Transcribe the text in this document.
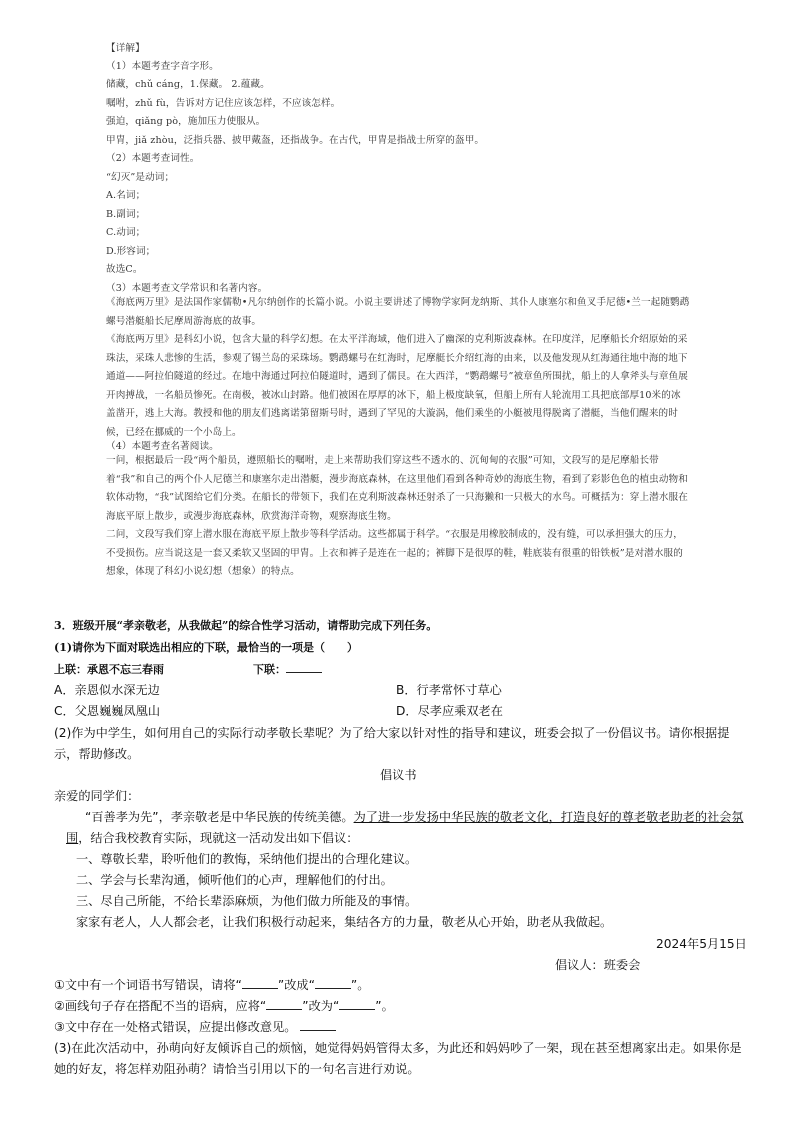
【详解】
（1）本题考查字音字形。
储藏，chǔ cáng，1.保藏。 2.蕴藏。
嘱咐，zhǔ fù，告诉对方记住应该怎样，不应该怎样。
强迫，qiǎng pò，施加压力使服从。
甲胄，jiǎ zhòu，泛指兵器、披甲戴盔，还指战争。在古代，甲胄是指战士所穿的盔甲。
（2）本题考查词性。
“幻灭”是动词；
A.名词；
B.副词；
C.动词；
D.形容词；
故选C。
（3）本题考查文学常识和名著内容。
《海底两万里》是法国作家儒勒•凡尔纳创作的长篇小说。小说主要讲述了博物学家阿龙纳斯、其仆人康塞尔和鱼叉手尼德•兰一起随鹦鹉螺号潜艇船长尼摩周游海底的故事。
《海底两万里》是科幻小说，包含大量的科学幻想。在太平洋海域，他们进入了幽深的克利斯波森林。在印度洋，尼摩船长介绍原始的采珠法，采珠人悲惨的生活，参观了锡兰岛的采珠场。鹦鹉螺号在红海时，尼摩艇长介绍红海的由来，以及他发现从红海通往地中海的地下通道——阿拉伯隧道的经过。在地中海通过阿拉伯隧道时，遇到了儒艮。在大西洋，“鹦鹉螺号”被章鱼所围扰，船上的人拿斧头与章鱼展开肉搏战，一名船员惨死。在南极，被冰山封路。他们被困在厚厚的冰下，船上极度缺氧，但船上所有人轮流用工具把底部厚10米的冰盖凿开，逃上大海。教授和他的朋友们逃离诺第留斯号时，遇到了罕见的大漩涡，他们乘坐的小艇被甩得脱离了潜艇，当他们醒来的时候，已经在挪威的一个小岛上。
（4）本题考查名著阅读。
一问，根据最后一段“两个船员，遵照船长的嘱咐，走上来帮助我们穿这些不透水的、沉甸甸的衣服”可知，文段写的是尼摩船长带着“我”和自己的两个仆人尼德兰和康塞尔走出潜艇，漫步海底森林，在这里他们看到各种奇妙的海底生物，看到了彩影色色的植虫动物和软体动物，“我”试图给它们分类。在船长的带领下，我们在克利斯波森林还射杀了一只海獭和一只极大的水鸟。可概括为：穿上潜水服在海底平原上散步，或漫步海底森林，欣赏海洋奇物，观察海底生物。
二问，文段写我们穿上潜水服在海底平原上散步等科学活动。这些都属于科学。“衣服是用橡胶制成的，没有缝，可以承担强大的压力，不受损伤。应当说这是一套又柔软又坚固的甲胄。上衣和裤子是连在一起的；裤脚下是很厚的鞋，鞋底装有很重的铅铁板”是对潜水服的想象，体现了科幻小说幻想（想象）的特点。
3．班级开展“孝亲敬老，从我做起”的综合性学习活动，请帮助完成下列任务。
(1)请你为下面对联选出相应的下联，最恰当的一项是（　　）
上联：承恩不忘三春雨	下联：
A．亲恩似水深无边	B．行孝常怀寸草心
C．父恩巍巍凤凰山	D．尽孝应乘双老在
(2)作为中学生，如何用自己的实际行动孝敬长辈呢？为了给大家以针对性的指导和建议，班委会拟了一份倡议书。请你根据提示，帮助修改。
倡议书
亲爱的同学们：
“百善孝为先”，孝亲敬老是中华民族的传统美德。为了进一步发扬中华民族的敬老文化，打造良好的尊老敬老助老的社会氛
围，结合我校教育实际，现就这一活动发出如下倡议：
一、尊敬长辈，聆听他们的教悔，采纳他们提出的合理化建议。
二、学会与长辈沟通，倾听他们的心声，理解他们的付出。
三、尽自己所能，不给长辈添麻烦，为他们做力所能及的事情。
家家有老人，人人都会老，让我们积极行动起来，集结各方的力量，敬老从心开始，助老从我做起。
2024年5月15日
倡议人：班委会
①文中有一个词语书写错误，请将“	”改成“	”。
②画线句子存在搭配不当的语病，应将“	”改为“	”。
③文中存在一处格式错误，应提出修改意见。
(3)在此次活动中，孙萌向好友倾诉自己的烦恼，她觉得妈妈管得太多，为此还和妈妈吵了一架，现在甚至想离家出走。如果你是她的好友，将怎样劝阻孙萌？请恰当引用以下的一句名言进行劝说。
